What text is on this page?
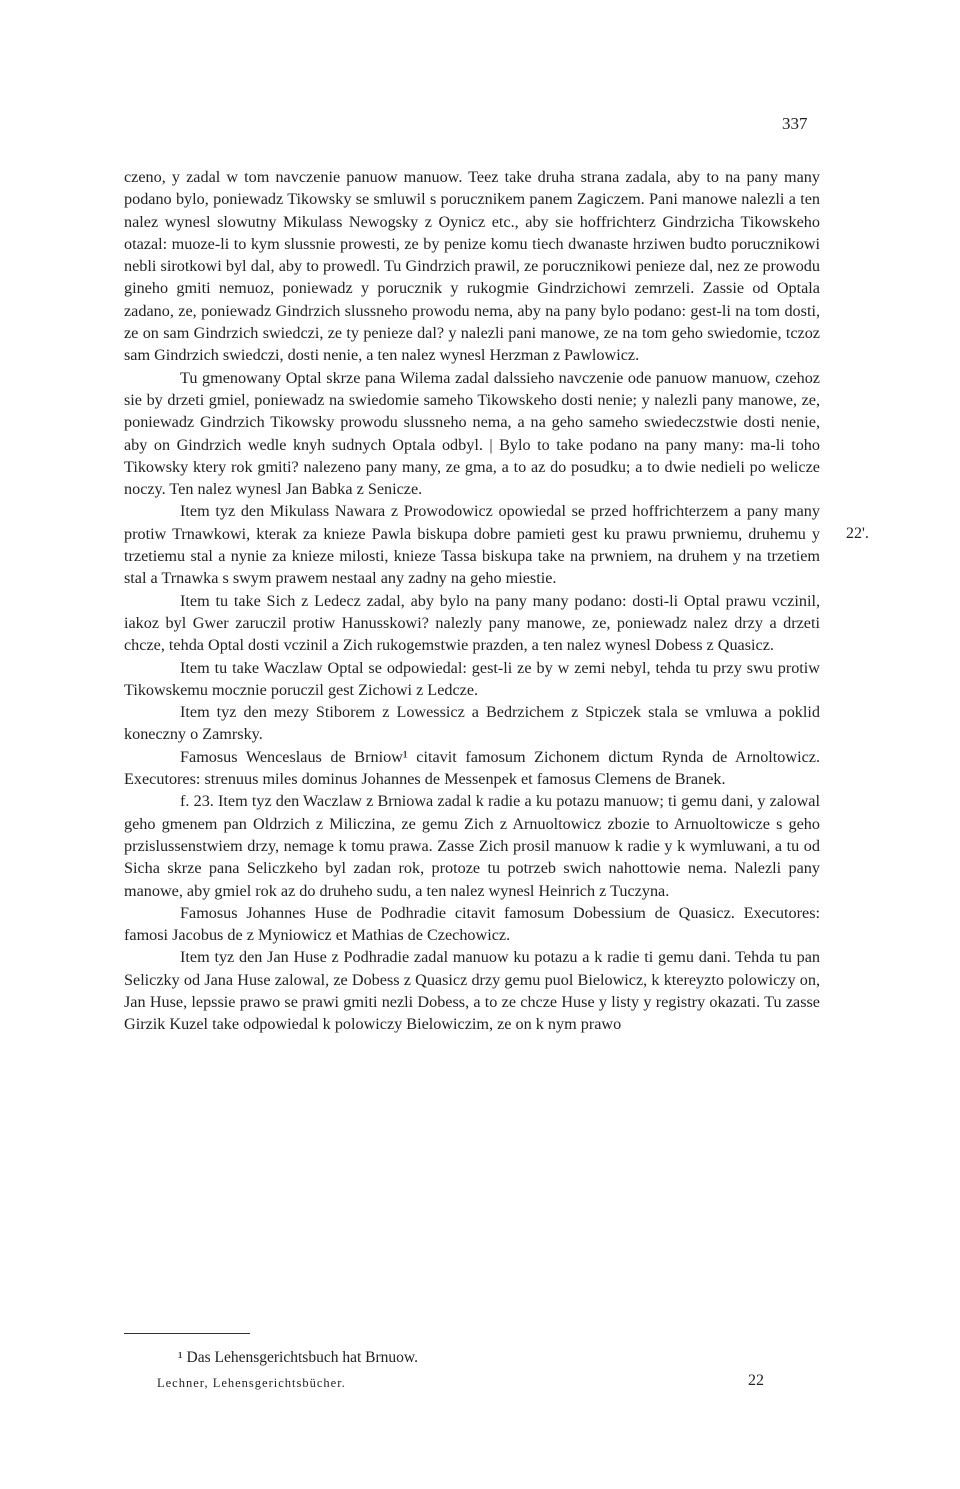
337

czeno, y zadal w tom navczenie panuow manuow. Teez take druha strana zadala, aby to na pany many podano bylo, poniewadz Tikowsky se smluwil s porucznikem panem Zagiczem. Pani manowe nalezli a ten nalez wynesl slowutny Mikulass Newogsky z Oynicz etc., aby sie hoffrichterz Gindrzicha Tikowskeho otazal: muoze-li to kym slussnie prowesti, ze by penize komu tiech dwanaste hrziwen budto porucznikowi nebli sirotkowi byl dal, aby to prowedl. Tu Gindrzich prawil, ze porucznikowi penieze dal, nez ze prowodu gineho gmiti nemuoz, poniewadz y porucznik y rukogmie Gindrzichowi zemrzeli. Zassie od Optala zadano, ze, poniewadz Gindrzich slussneho prowodu nema, aby na pany bylo podano: gest-li na tom dosti, ze on sam Gindrzich swiedczi, ze ty penieze dal? y nalezli pani manowe, ze na tom geho swiedomie, tczoz sam Gindrzich swiedczi, dosti nenie, a ten nalez wynesl Herzman z Pawlowicz.

Tu gmenowany Optal skrze pana Wilema zadal dalssieho navczenie ode panuow manuow, czehoz sie by drzeti gmiel, poniewadz na swiedomie sameho Tikowskeho dosti nenie; y nalezli pany manowe, ze, poniewadz Gindrzich Tikowsky prowodu slussneho nema, a na geho sameho swiedeczstwie dosti nenie, aby on Gindrzich wedle knyh sudnych Optala odbyl. | Bylo to take podano na pany many: ma-li toho Tikowsky ktery rok gmiti? nalezeno pany many, ze gma, a to az do posudku; a to dwie nedieli po welicze noczy. Ten nalez wynesl Jan Babka z Senicze.

Item tyz den Mikulass Nawara z Prowodowicz opowiedal se przed hoffrichterzem a pany many protiw Trnawkowi, kterak za knieze Pawla biskupa dobre pamieti gest ku prawu prwniemu, druhemu y trzetiemu stal a nynie za knieze milosti, knieze Tassa biskupa take na prwniem, na druhem y na trzetiem stal a Trnawka s swym prawem nestaal any zadny na geho miestie.

Item tu take Sich z Ledecz zadal, aby bylo na pany many podano: dosti-li Optal prawu vczinil, iakoz byl Gwer zaruczil protiw Hanusskowi? nalezly pany manowe, ze, poniewadz nalez drzy a drzeti chcze, tehda Optal dosti vczinil a Zich rukogemstwie prazden, a ten nalez wynesl Dobess z Quasicz.

Item tu take Waczlaw Optal se odpowiedal: gest-li ze by w zemi nebyl, tehda tu przy swu protiw Tikowskemu mocznie poruczil gest Zichowi z Ledcze.

Item tyz den mezy Stiborem z Lowessicz a Bedrzichem z Stpiczek stala se vmluwa a poklid koneczny o Zamrsky.

Famosus Wenceslaus de Brniow¹ citavit famosum Zichonem dictum Rynda de Arnoltowicz. Executores: strenuus miles dominus Johannes de Messenpek et famosus Clemens de Branek.

f. 23. Item tyz den Waczlaw z Brniowa zadal k radie a ku potazu manuow; ti gemu dani, y zalowal geho gmenem pan Oldrzich z Miliczina, ze gemu Zich z Arnuoltowicz zbozie to Arnuoltowicze s geho przislussenstwiem drzy, nemage k tomu prawa. Zasse Zich prosil manuow k radie y k wymluwani, a tu od Sicha skrze pana Seliczkeho byl zadan rok, protoze tu potrzeb swich nahottowie nema. Nalezli pany manowe, aby gmiel rok az do druheho sudu, a ten nalez wynesl Heinrich z Tuczyna.

Famosus Johannes Huse de Podhradie citavit famosum Dobessium de Quasicz. Executores: famosi Jacobus de z Myniowicz et Mathias de Czechowicz.

Item tyz den Jan Huse z Podhradie zadal manuow ku potazu a k radie ti gemu dani. Tehda tu pan Seliczky od Jana Huse zalowal, ze Dobess z Quasicz drzy gemu puol Bielowicz, k ktereyzto polowiczy on, Jan Huse, lepssie prawo se prawi gmiti nezli Dobess, a to ze chcze Huse y listy y registry okazati. Tu zasse Girzik Kuzel take odpowiedal k polowiczy Bielowiczim, ze on k nym prawo

22'.
¹ Das Lehensgerichtsbuch hat Brnuow.
Lechner, Lehensgerichtsbücher.	22
